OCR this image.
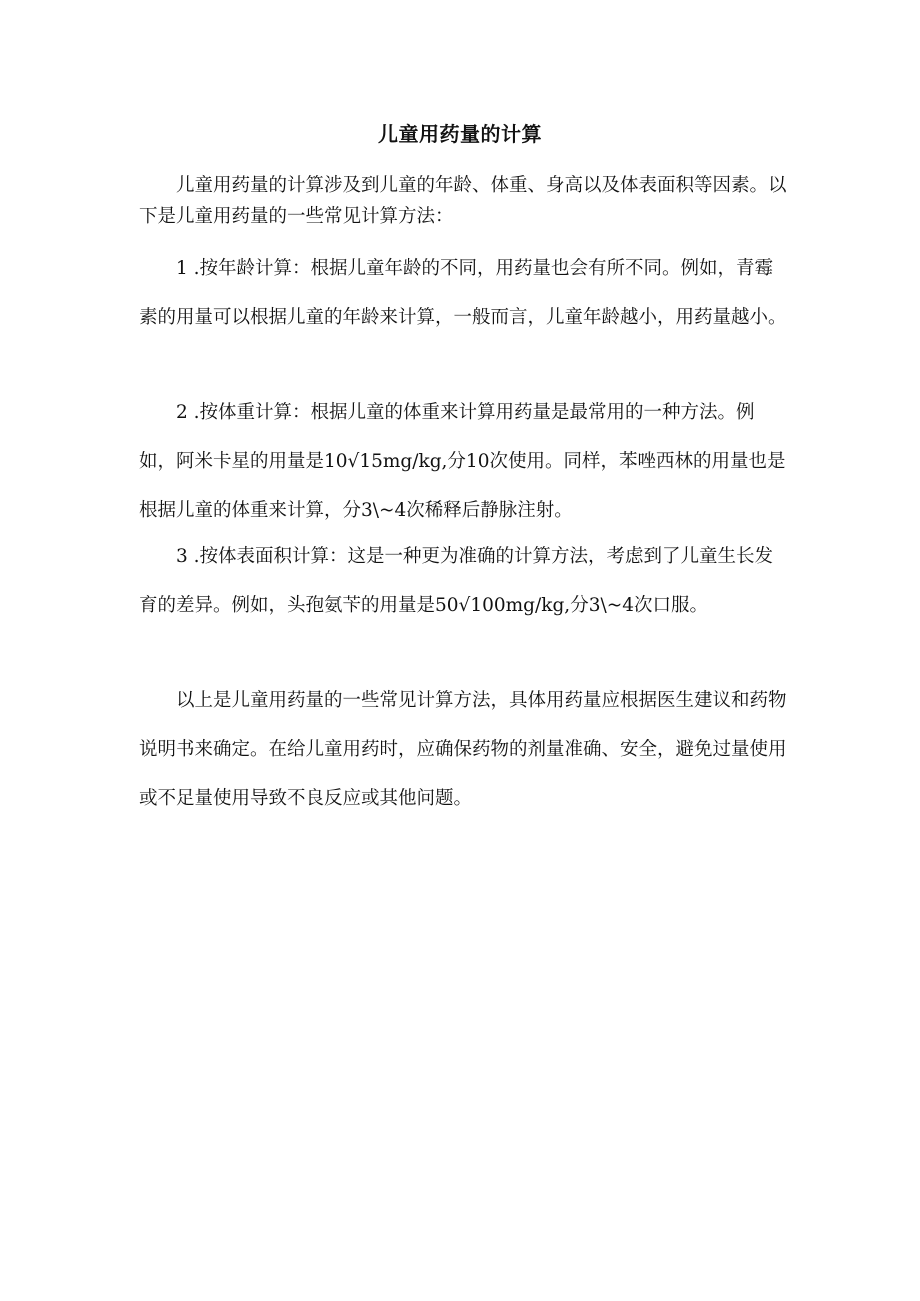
儿童用药量的计算

儿童用药量的计算涉及到儿童的年龄、体重、身高以及体表面积等因素。以下是儿童用药量的一些常见计算方法：

1 .按年龄计算：根据儿童年龄的不同，用药量也会有所不同。例如，青霉素的用量可以根据儿童的年龄来计算，一般而言，儿童年龄越小，用药量越小。

2 .按体重计算：根据儿童的体重来计算用药量是最常用的一种方法。例如，阿米卡星的用量是10√15mg/kg,分10次使用。同样，苯唑西林的用量也是根据儿童的体重来计算，分3\~4次稀释后静脉注射。

3 .按体表面积计算：这是一种更为准确的计算方法，考虑到了儿童生长发育的差异。例如，头孢氨苄的用量是50√100mg/kg,分3\~4次口服。

以上是儿童用药量的一些常见计算方法，具体用药量应根据医生建议和药物说明书来确定。在给儿童用药时，应确保药物的剂量准确、安全，避免过量使用或不足量使用导致不良反应或其他问题。
